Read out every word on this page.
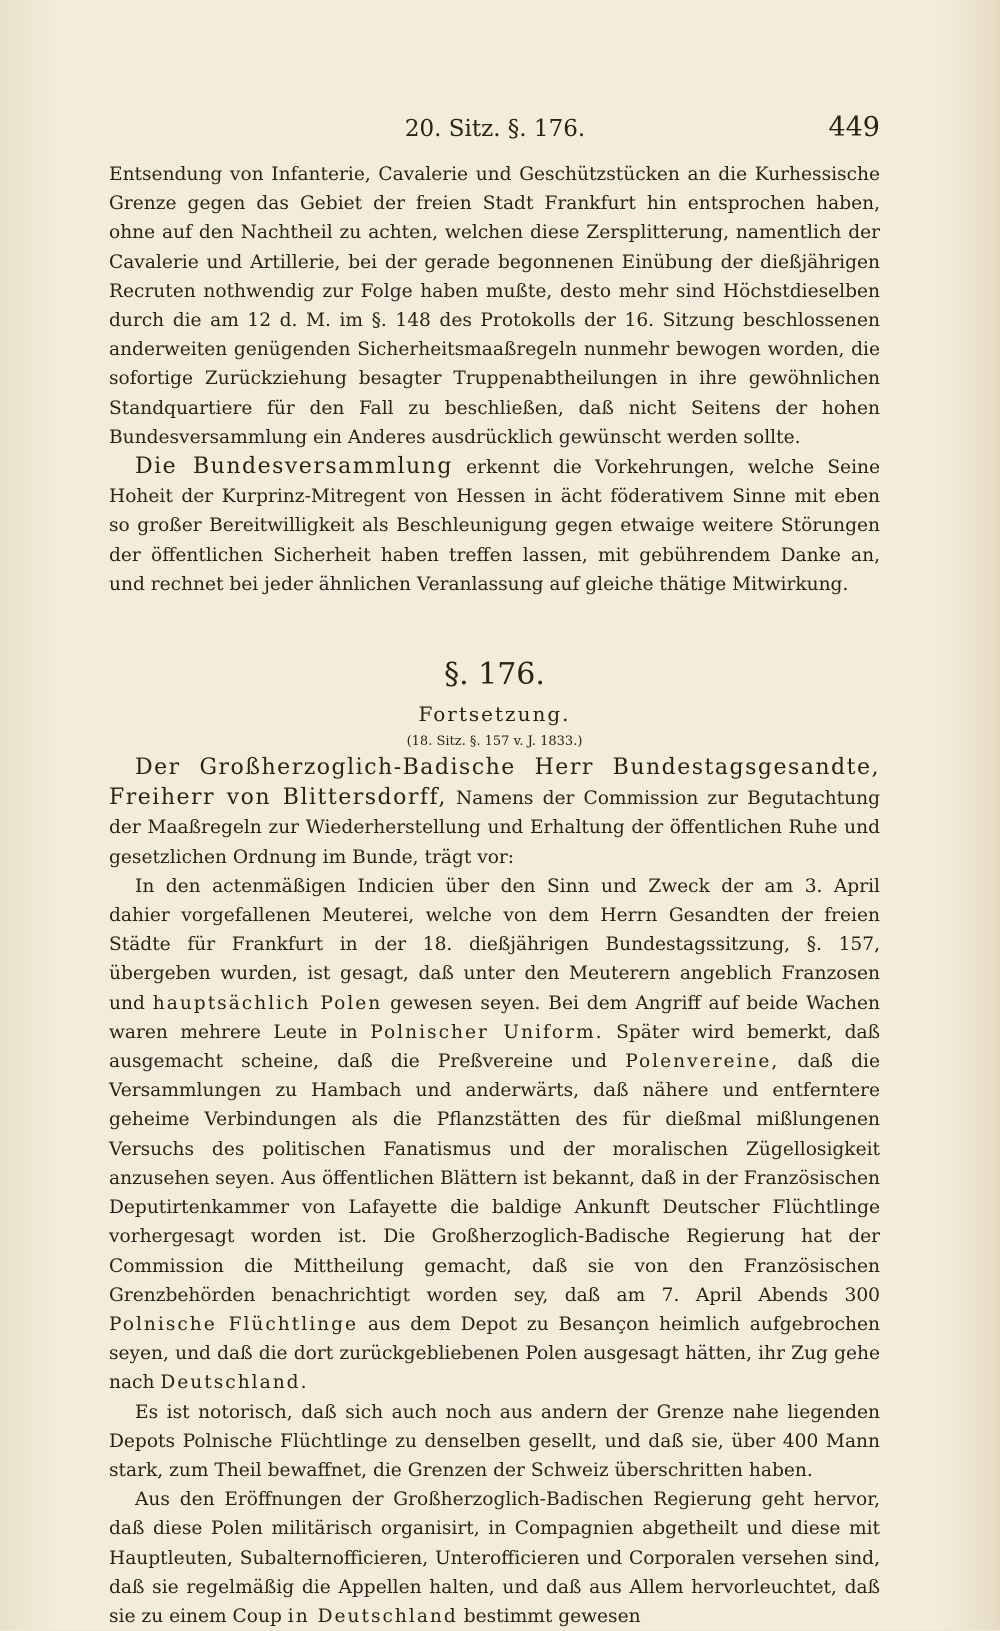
20. Sitz. §. 176.	449

Entsendung von Infanterie, Cavalerie und Geschützstücken an die Kurhessische Grenze gegen das Gebiet der freien Stadt Frankfurt hin entsprochen haben, ohne auf den Nachtheil zu achten, welchen diese Zersplitterung, namentlich der Cavalerie und Artillerie, bei der gerade begonnenen Einübung der dießjährigen Recruten nothwendig zur Folge haben mußte, desto mehr sind Höchstdieselben durch die am 12 d. M. im §. 148 des Protokolls der 16. Sitzung beschlossenen anderweiten genügenden Sicherheitsmaaßregeln nunmehr bewogen worden, die sofortige Zurückziehung besagter Truppenabtheilungen in ihre gewöhnlichen Standquartiere für den Fall zu beschließen, daß nicht Seitens der hohen Bundesversammlung ein Anderes ausdrücklich gewünscht werden sollte.

Die Bundesversammlung erkennt die Vorkehrungen, welche Seine Hoheit der Kurprinz-Mitregent von Hessen in ächt föderativem Sinne mit eben so großer Bereitwilligkeit als Beschleunigung gegen etwaige weitere Störungen der öffentlichen Sicherheit haben treffen lassen, mit gebührendem Danke an, und rechnet bei jeder ähnlichen Veranlassung auf gleiche thätige Mitwirkung.

§. 176.
Fortsetzung.
(18. Sitz. §. 157 v. J. 1833.)

Der Großherzoglich-Badische Herr Bundestagsgesandte, Freiherr von Blittersdorff, Namens der Commission zur Begutachtung der Maaßregeln zur Wiederherstellung und Erhaltung der öffentlichen Ruhe und gesetzlichen Ordnung im Bunde, trägt vor:

In den actenmäßigen Indicien über den Sinn und Zweck der am 3. April dahier vorgefallenen Meuterei, welche von dem Herrn Gesandten der freien Städte für Frankfurt in der 18. dießjährigen Bundestagssitzung, §. 157, übergeben wurden, ist gesagt, daß unter den Meuterern angeblich Franzosen und hauptsächlich Polen gewesen seyen. Bei dem Angriff auf beide Wachen waren mehrere Leute in Polnischer Uniform. Später wird bemerkt, daß ausgemacht scheine, daß die Preßvereine und Polenvereine, daß die Versammlungen zu Hambach und anderwärts, daß nähere und entferntere geheime Verbindungen als die Pflanzstätten des für dießmal mißlungenen Versuchs des politischen Fanatismus und der moralischen Zügellosigkeit anzusehen seyen. Aus öffentlichen Blättern ist bekannt, daß in der Französischen Deputirtenkammer von Lafayette die baldige Ankunft Deutscher Flüchtlinge vorhergesagt worden ist. Die Großherzoglich-Badische Regierung hat der Commission die Mittheilung gemacht, daß sie von den Französischen Grenzbehörden benachrichtigt worden sey, daß am 7. April Abends 300 Polnische Flüchtlinge aus dem Depot zu Besançon heimlich aufgebrochen seyen, und daß die dort zurückgebliebenen Polen ausgesagt hätten, ihr Zug gehe nach Deutschland.

Es ist notorisch, daß sich auch noch aus andern der Grenze nahe liegenden Depots Polnische Flüchtlinge zu denselben gesellt, und daß sie, über 400 Mann stark, zum Theil bewaffnet, die Grenzen der Schweiz überschritten haben.

Aus den Eröffnungen der Großherzoglich-Badischen Regierung geht hervor, daß diese Polen militärisch organisirt, in Compagnien abgetheilt und diese mit Hauptleuten, Subalternofficieren, Unterofficieren und Corporalen versehen sind, daß sie regelmäßig die Appellen halten, und daß aus Allem hervorleuchtet, daß sie zu einem Coup in Deutschland bestimmt gewesen
